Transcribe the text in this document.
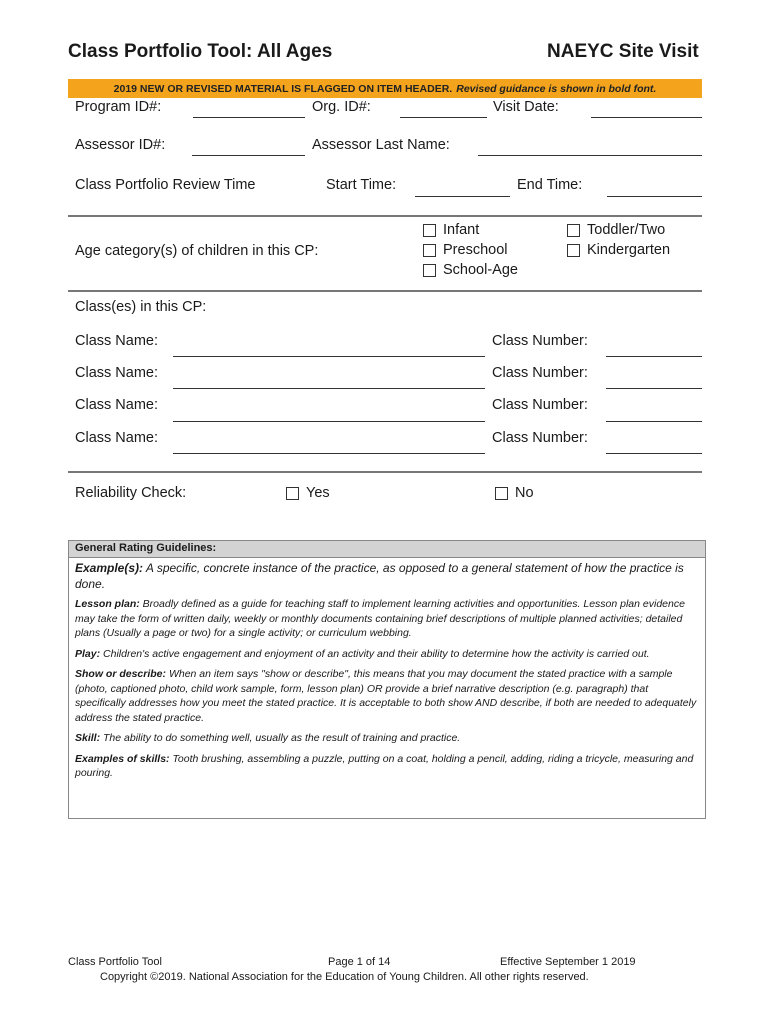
Class Portfolio Tool: All Ages	NAEYC Site Visit
2019 NEW OR REVISED MATERIAL IS FLAGGED ON ITEM HEADER. Revised guidance is shown in bold font.
Program ID#:	Org. ID#:	Visit Date:
Assessor ID#:	Assessor Last Name:
Class Portfolio Review Time	Start Time:	End Time:
Age category(s) of children in this CP:
Infant	Toddler/Two
Preschool	Kindergarten
School-Age
Class(es) in this CP:
Class Name:	Class Number:
Class Name:	Class Number:
Class Name:	Class Number:
Class Name:	Class Number:
Reliability Check:	Yes	No
General Rating Guidelines:

Example(s): A specific, concrete instance of the practice, as opposed to a general statement of how the practice is done.

Lesson plan: Broadly defined as a guide for teaching staff to implement learning activities and opportunities. Lesson plan evidence may take the form of written daily, weekly or monthly documents containing brief descriptions of multiple planned activities; detailed plans (Usually a page or two) for a single activity; or curriculum webbing.

Play: Children's active engagement and enjoyment of an activity and their ability to determine how the activity is carried out.

Show or describe: When an item says "show or describe", this means that you may document the stated practice with a sample (photo, captioned photo, child work sample, form, lesson plan) OR provide a brief narrative description (e.g. paragraph) that specifically addresses how you meet the stated practice. It is acceptable to both show AND describe, if both are needed to adequately address the stated practice.

Skill: The ability to do something well, usually as the result of training and practice.

Examples of skills: Tooth brushing, assembling a puzzle, putting on a coat, holding a pencil, adding, riding a tricycle, measuring and pouring.

Class Portfolio Tool	Page 1 of 14	Effective September 1 2019
Copyright ©2019. National Association for the Education of Young Children. All other rights reserved.
